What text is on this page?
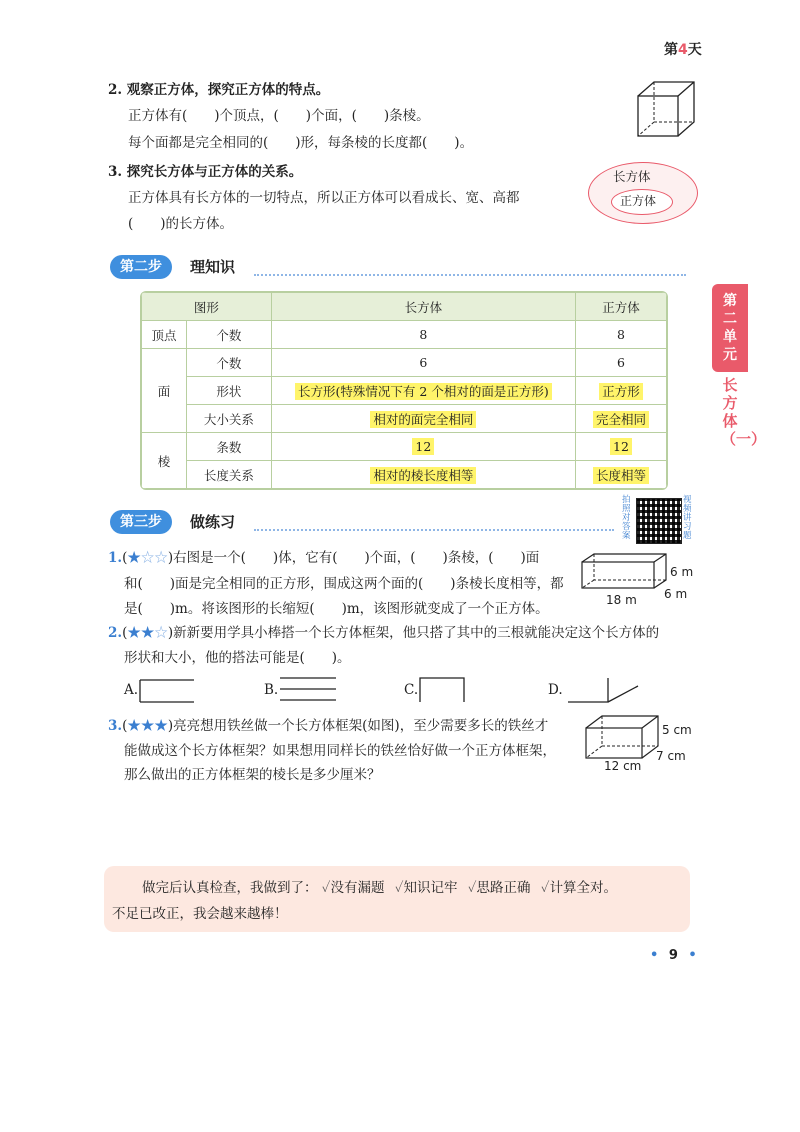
第4天
第二单元
长方体（一）
2. 观察正方体，探究正方体的特点。
正方体有(　　)个顶点，(　　)个面，(　　)条棱。
每个面都是完全相同的(　　)形，每条棱的长度都(　　)。
3. 探究长方体与正方体的关系。
正方体具有长方体的一切特点，所以正方体可以看成长、宽、高都
(　　)的长方体。
长方体
正方体
第二步	理知识
图形		长方体	正方体
顶点	个数	8	8
面	个数	6	6
	形状	长方形(特殊情况下有 2 个相对的面是正方形)	正方形
	大小关系	相对的面完全相同	完全相同
棱	条数	12	12
	长度关系	相对的棱长度相等	长度相等
第三步	做练习
拍照对答案
视频讲习题
1.(★☆☆)右图是一个(　　)体，它有(　　)个面，(　　)条棱，(　　)面
和(　　)面是完全相同的正方形，围成这两个面的(　　)条棱长度相等，都
是(　　)m。将该图形的长缩短(　　)m，该图形就变成了一个正方体。
6 m
6 m
18 m
2.(★★☆)新新要用学具小棒搭一个长方体框架，他只搭了其中的三根就能决定这个长方体的
形状和大小，他的搭法可能是(　　)。
A.	B.	C.	D.
3.(★★★)亮亮想用铁丝做一个长方体框架(如图)，至少需要多长的铁丝才
能做成这个长方体框架？如果想用同样长的铁丝恰好做一个正方体框架，
那么做出的正方体框架的棱长是多少厘米？
5 cm
7 cm
12 cm
做完后认真检查，我做到了： ✓没有漏题 ✓知识记牢 ✓思路正确 ✓计算全对。
不足已改正，我会越来越棒！
• 9 •
